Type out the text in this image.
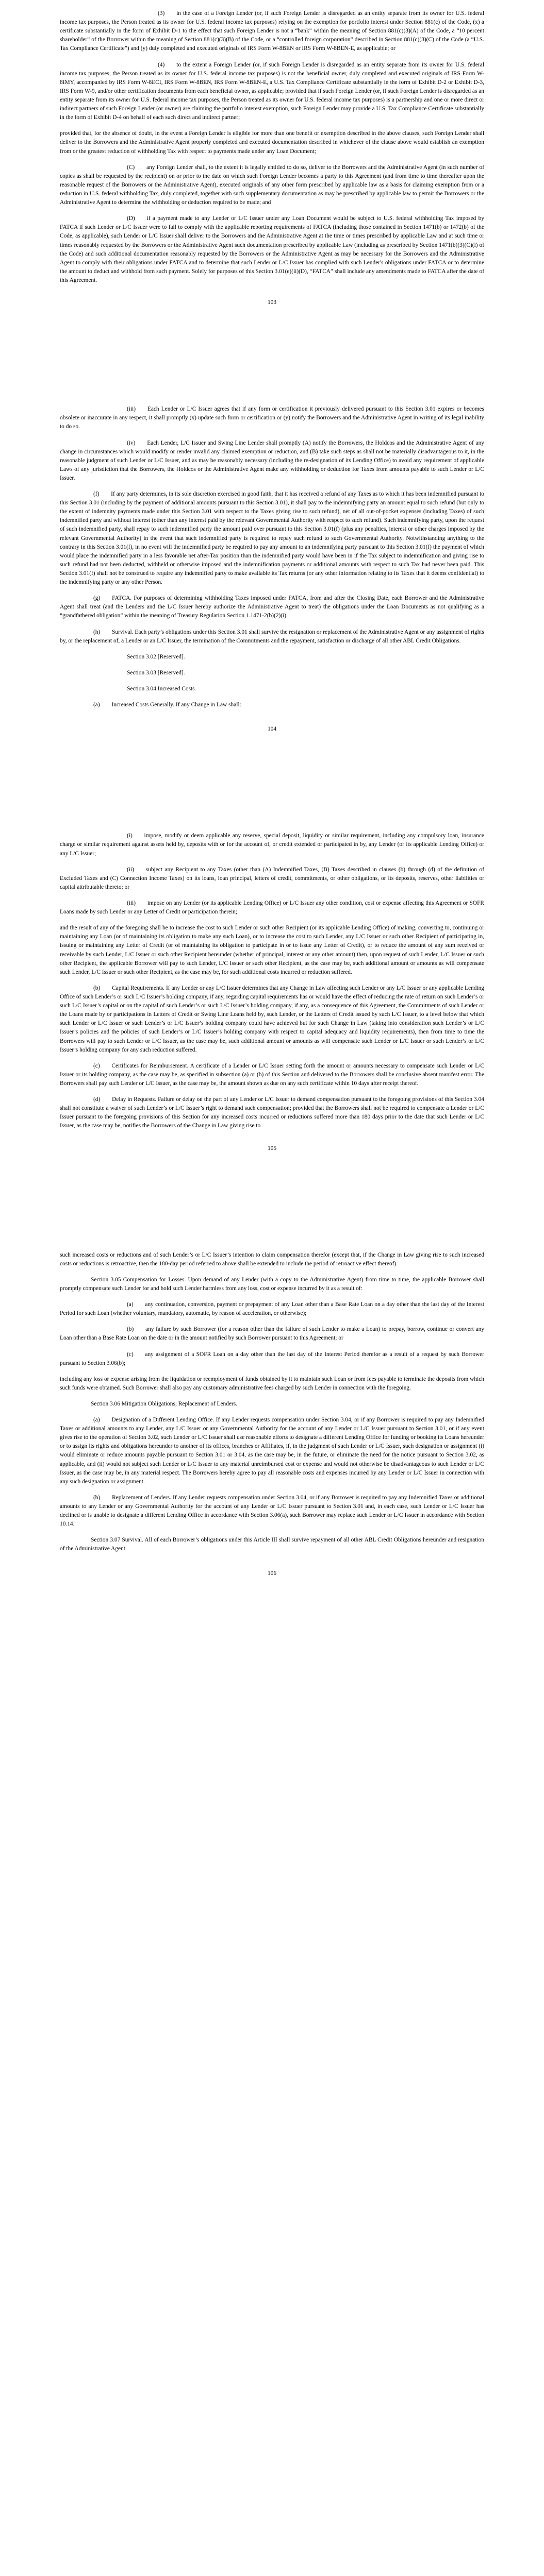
(3)  in the case of a Foreign Lender (or, if such Foreign Lender is disregarded as an entity separate from its owner for U.S. federal income tax purposes, the Person treated as its owner for U.S. federal income tax purposes) relying on the exemption for portfolio interest under Section 881(c) of the Code, (x) a certificate substantially in the form of Exhibit D-1 to the effect that such Foreign Lender is not a “bank” within the meaning of Section 881(c)(3)(A) of the Code, a “10 percent shareholder” of the Borrower within the meaning of Section 881(c)(3)(B) of the Code, or a “controlled foreign corporation” described in Section 881(c)(3)(C) of the Code (a “U.S. Tax Compliance Certificate”) and (y) duly completed and executed originals of IRS Form W-8BEN or IRS Form W-8BEN-E, as applicable; or

(4)  to the extent a Foreign Lender (or, if such Foreign Lender is disregarded as an entity separate from its owner for U.S. federal income tax purposes, the Person treated as its owner for U.S. federal income tax purposes) is not the beneficial owner, duly completed and executed originals of IRS Form W-8IMY, accompanied by IRS Form W-8ECI, IRS Form W-8BEN, IRS Form W-8BEN-E, a U.S. Tax Compliance Certificate substantially in the form of Exhibit D-2 or Exhibit D-3, IRS Form W-9, and/or other certification documents from each beneficial owner, as applicable; provided that if such Foreign Lender (or, if such Foreign Lender is disregarded as an entity separate from its owner for U.S. federal income tax purposes, the Person treated as its owner for U.S. federal income tax purposes) is a partnership and one or more direct or indirect partners of such Foreign Lender (or owner) are claiming the portfolio interest exemption, such Foreign Lender may provide a U.S. Tax Compliance Certificate substantially in the form of Exhibit D-4 on behalf of each such direct and indirect partner;

provided that, for the absence of doubt, in the event a Foreign Lender is eligible for more than one benefit or exemption described in the above clauses, such Foreign Lender shall deliver to the Borrowers and the Administrative Agent properly completed and executed documentation described in whichever of the clause above would establish an exemption from or the greatest reduction of withholding Tax with respect to payments made under any Loan Document;

(C)  any Foreign Lender shall, to the extent it is legally entitled to do so, deliver to the Borrowers and the Administrative Agent (in such number of copies as shall be requested by the recipient) on or prior to the date on which such Foreign Lender becomes a party to this Agreement (and from time to time thereafter upon the reasonable request of the Borrowers or the Administrative Agent), executed originals of any other form prescribed by applicable law as a basis for claiming exemption from or a reduction in U.S. federal withholding Tax, duly completed, together with such supplementary documentation as may be prescribed by applicable law to permit the Borrowers or the Administrative Agent to determine the withholding or deduction required to be made; and

(D)  if a payment made to any Lender or L/C Issuer under any Loan Document would be subject to U.S. federal withholding Tax imposed by FATCA if such Lender or L/C Issuer were to fail to comply with the applicable reporting requirements of FATCA (including those contained in Section 1471(b) or 1472(b) of the Code, as applicable), such Lender or L/C Issuer shall deliver to the Borrowers and the Administrative Agent at the time or times prescribed by applicable Law and at such time or times reasonably requested by the Borrowers or the Administrative Agent such documentation prescribed by applicable Law (including as prescribed by Section 1471(b)(3)(C)(i) of the Code) and such additional documentation reasonably requested by the Borrowers or the Administrative Agent as may be necessary for the Borrowers and the Administrative Agent to comply with their obligations under FATCA and to determine that such Lender or L/C Issuer has complied with such Lender's obligations under FATCA or to determine the amount to deduct and withhold from such payment. Solely for purposes of this Section 3.01(e)(ii)(D), “FATCA” shall include any amendments made to FATCA after the date of this Agreement.

103

(iii)  Each Lender or L/C Issuer agrees that if any form or certification it previously delivered pursuant to this Section 3.01 expires or becomes obsolete or inaccurate in any respect, it shall promptly (x) update such form or certification or (y) notify the Borrowers and the Administrative Agent in writing of its legal inability to do so.

(iv)  Each Lender, L/C Issuer and Swing Line Lender shall promptly (A) notify the Borrowers, the Holdcos and the Administrative Agent of any change in circumstances which would modify or render invalid any claimed exemption or reduction, and (B) take such steps as shall not be materially disadvantageous to it, in the reasonable judgment of such Lender or L/C Issuer, and as may be reasonably necessary (including the re-designation of its Lending Office) to avoid any requirement of applicable Laws of any jurisdiction that the Borrowers, the Holdcos or the Administrative Agent make any withholding or deduction for Taxes from amounts payable to such Lender or L/C Issuer.

(f)  If any party determines, in its sole discretion exercised in good faith, that it has received a refund of any Taxes as to which it has been indemnified pursuant to this Section 3.01 (including by the payment of additional amounts pursuant to this Section 3.01), it shall pay to the indemnifying party an amount equal to such refund (but only to the extent of indemnity payments made under this Section 3.01 with respect to the Taxes giving rise to such refund), net of all out-of-pocket expenses (including Taxes) of such indemnified party and without interest (other than any interest paid by the relevant Governmental Authority with respect to such refund). Such indemnifying party, upon the request of such indemnified party, shall repay to such indemnified party the amount paid over pursuant to this Section 3.01(f) (plus any penalties, interest or other charges imposed by the relevant Governmental Authority) in the event that such indemnified party is required to repay such refund to such Governmental Authority. Notwithstanding anything to the contrary in this Section 3.01(f), in no event will the indemnified party be required to pay any amount to an indemnifying party pursuant to this Section 3.01(f) the payment of which would place the indemnified party in a less favorable net after-Tax position than the indemnified party would have been in if the Tax subject to indemnification and giving rise to such refund had not been deducted, withheld or otherwise imposed and the indemnification payments or additional amounts with respect to such Tax had never been paid. This Section 3.01(f) shall not be construed to require any indemnified party to make available its Tax returns (or any other information relating to its Taxes that it deems confidential) to the indemnifying party or any other Person.

(g)  FATCA. For purposes of determining withholding Taxes imposed under FATCA, from and after the Closing Date, each Borrower and the Administrative Agent shall treat (and the Lenders and the L/C Issuer hereby authorize the Administrative Agent to treat) the obligations under the Loan Documents as not qualifying as a “grandfathered obligation” within the meaning of Treasury Regulation Section 1.1471-2(b)(2)(i).

(h)  Survival. Each party’s obligations under this Section 3.01 shall survive the resignation or replacement of the Administrative Agent or any assignment of rights by, or the replacement of, a Lender or an L/C Issuer, the termination of the Commitments and the repayment, satisfaction or discharge of all other ABL Credit Obligations.

Section 3.02 [Reserved].

Section 3.03 [Reserved].

Section 3.04 Increased Costs.

(a)  Increased Costs Generally. If any Change in Law shall:

104

(i)  impose, modify or deem applicable any reserve, special deposit, liquidity or similar requirement, including any compulsory loan, insurance charge or similar requirement against assets held by, deposits with or for the account of, or credit extended or participated in by, any Lender (or its applicable Lending Office) or any L/C Issuer;

(ii)  subject any Recipient to any Taxes (other than (A) Indemnified Taxes, (B) Taxes described in clauses (b) through (d) of the definition of Excluded Taxes and (C) Connection Income Taxes) on its loans, loan principal, letters of credit, commitments, or other obligations, or its deposits, reserves, other liabilities or capital attributable thereto; or

(iii)  impose on any Lender (or its applicable Lending Office) or L/C Issuer any other condition, cost or expense affecting this Agreement or SOFR Loans made by such Lender or any Letter of Credit or participation therein;

and the result of any of the foregoing shall be to increase the cost to such Lender or such other Recipient (or its applicable Lending Office) of making, converting to, continuing or maintaining any Loan (or of maintaining its obligation to make any such Loan), or to increase the cost to such Lender, any L/C Issuer or such other Recipient of participating in, issuing or maintaining any Letter of Credit (or of maintaining its obligation to participate in or to issue any Letter of Credit), or to reduce the amount of any sum received or receivable by such Lender, L/C Issuer or such other Recipient hereunder (whether of principal, interest or any other amount) then, upon request of such Lender, L/C Issuer or such other Recipient, the applicable Borrower will pay to such Lender, L/C Issuer or such other Recipient, as the case may be, such additional amount or amounts as will compensate such Lender, L/C Issuer or such other Recipient, as the case may be, for such additional costs incurred or reduction suffered.

(b)  Capital Requirements. If any Lender or any L/C Issuer determines that any Change in Law affecting such Lender or any L/C Issuer or any applicable Lending Office of such Lender’s or such L/C Issuer’s holding company, if any, regarding capital requirements has or would have the effect of reducing the rate of return on such Lender’s or such L/C Issuer’s capital or on the capital of such Lender’s or such L/C Issuer’s holding company, if any, as a consequence of this Agreement, the Commitments of such Lender or the Loans made by or participations in Letters of Credit or Swing Line Loans held by, such Lender, or the Letters of Credit issued by such L/C Issuer, to a level below that which such Lender or L/C Issuer or such Lender’s or L/C Issuer’s holding company could have achieved but for such Change in Law (taking into consideration such Lender’s or L/C Issuer’s policies and the policies of such Lender’s or L/C Issuer’s holding company with respect to capital adequacy and liquidity requirements), then from time to time the Borrowers will pay to such Lender or L/C Issuer, as the case may be, such additional amount or amounts as will compensate such Lender or L/C Issuer or such Lender’s or L/C Issuer’s holding company for any such reduction suffered.

(c)  Certificates for Reimbursement. A certificate of a Lender or L/C Issuer setting forth the amount or amounts necessary to compensate such Lender or L/C Issuer or its holding company, as the case may be, as specified in subsection (a) or (b) of this Section and delivered to the Borrowers shall be conclusive absent manifest error. The Borrowers shall pay such Lender or L/C Issuer, as the case may be, the amount shown as due on any such certificate within 10 days after receipt thereof.

(d)  Delay in Requests. Failure or delay on the part of any Lender or L/C Issuer to demand compensation pursuant to the foregoing provisions of this Section 3.04 shall not constitute a waiver of such Lender’s or L/C Issuer’s right to demand such compensation; provided that the Borrowers shall not be required to compensate a Lender or L/C Issuer pursuant to the foregoing provisions of this Section for any increased costs incurred or reductions suffered more than 180 days prior to the date that such Lender or L/C Issuer, as the case may be, notifies the Borrowers of the Change in Law giving rise to

105

such increased costs or reductions and of such Lender’s or L/C Issuer’s intention to claim compensation therefor (except that, if the Change in Law giving rise to such increased costs or reductions is retroactive, then the 180-day period referred to above shall be extended to include the period of retroactive effect thereof).

Section 3.05 Compensation for Losses. Upon demand of any Lender (with a copy to the Administrative Agent) from time to time, the applicable Borrower shall promptly compensate such Lender for and hold such Lender harmless from any loss, cost or expense incurred by it as a result of:

(a)  any continuation, conversion, payment or prepayment of any Loan other than a Base Rate Loan on a day other than the last day of the Interest Period for such Loan (whether voluntary, mandatory, automatic, by reason of acceleration, or otherwise);

(b)  any failure by such Borrower (for a reason other than the failure of such Lender to make a Loan) to prepay, borrow, continue or convert any Loan other than a Base Rate Loan on the date or in the amount notified by such Borrower pursuant to this Agreement; or

(c)  any assignment of a SOFR Loan on a day other than the last day of the Interest Period therefor as a result of a request by such Borrower pursuant to Section 3.06(b);

including any loss or expense arising from the liquidation or reemployment of funds obtained by it to maintain such Loan or from fees payable to terminate the deposits from which such funds were obtained. Such Borrower shall also pay any customary administrative fees charged by such Lender in connection with the foregoing.

Section 3.06 Mitigation Obligations; Replacement of Lenders.

(a)  Designation of a Different Lending Office. If any Lender requests compensation under Section 3.04, or if any Borrower is required to pay any Indemnified Taxes or additional amounts to any Lender, any L/C Issuer or any Governmental Authority for the account of any Lender or L/C Issuer pursuant to Section 3.01, or if any event gives rise to the operation of Section 3.02, such Lender or L/C Issuer shall use reasonable efforts to designate a different Lending Office for funding or booking its Loans hereunder or to assign its rights and obligations hereunder to another of its offices, branches or Affiliates, if, in the judgment of such Lender or L/C Issuer, such designation or assignment (i) would eliminate or reduce amounts payable pursuant to Section 3.01 or 3.04, as the case may be, in the future, or eliminate the need for the notice pursuant to Section 3.02, as applicable, and (ii) would not subject such Lender or L/C Issuer to any material unreimbursed cost or expense and would not otherwise be disadvantageous to such Lender or L/C Issuer, as the case may be, in any material respect. The Borrowers hereby agree to pay all reasonable costs and expenses incurred by any Lender or L/C Issuer in connection with any such designation or assignment.

(b)  Replacement of Lenders. If any Lender requests compensation under Section 3.04, or if any Borrower is required to pay any Indemnified Taxes or additional amounts to any Lender or any Governmental Authority for the account of any Lender or L/C Issuer pursuant to Section 3.01 and, in each case, such Lender or L/C Issuer has declined or is unable to designate a different Lending Office in accordance with Section 3.06(a), such Borrower may replace such Lender or L/C Issuer in accordance with Section 10.14.

Section 3.07 Survival. All of each Borrower’s obligations under this Article III shall survive repayment of all other ABL Credit Obligations hereunder and resignation of the Administrative Agent.

106
